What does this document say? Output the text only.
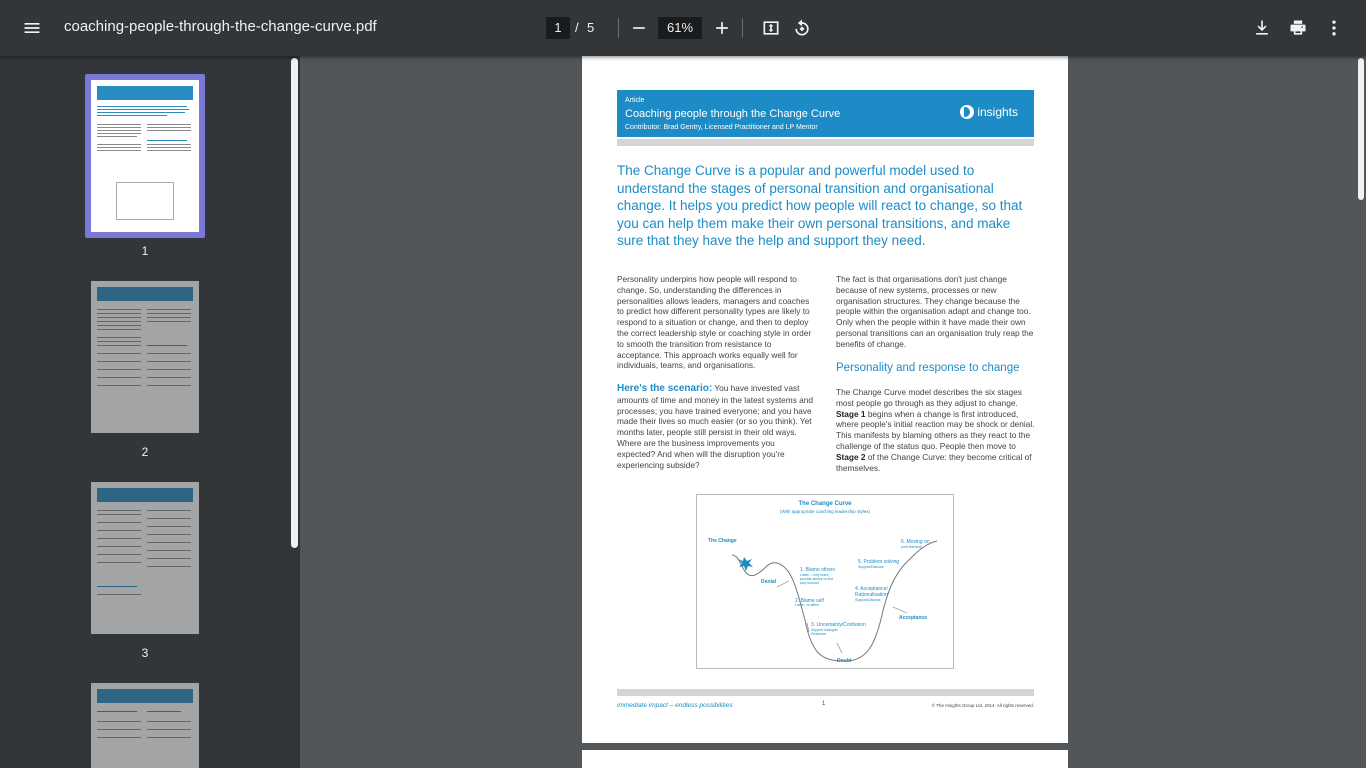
coaching-people-through-the-change-curve.pdf
1	/ 5
61%
1
2
3
Article
Coaching people through the Change Curve
Contributor: Brad Gentry, Licensed Practitioner and LP Mentor
insights
The Change Curve is a popular and powerful model used to understand the stages of personal transition and organisational change. It helps you predict how people will react to change, so that you can help them make their own personal transitions, and make sure that they have the help and support they need.
Personality underpins how people will respond to change. So, understanding the differences in personalities allows leaders, managers and coaches to predict how different personality types are likely to respond to a situation or change, and then to deploy the correct leadership style or coaching style in order to smooth the transition from resistance to acceptance. This approach works equally well for individuals, teams, and organisations.
Here's the scenario: You have invested vast amounts of time and money in the latest systems and processes; you have trained everyone; and you have made their lives so much easier (or so you think). Yet months later, people still persist in their old ways. Where are the business improvements you expected? And when will the disruption you're experiencing subside?
The fact is that organisations don't just change because of new systems, processes or new organisation structures. They change because the people within the organisation adapt and change too. Only when the people within it have made their own personal transitions can an organisation truly reap the benefits of change.
Personality and response to change
The Change Curve model describes the six stages most people go through as they adjust to change. Stage 1 begins when a change is first introduced, where people's initial reaction may be shock or denial. This manifests by blaming others as they react to the challenge of the status quo. People then move to Stage 2 of the Change Curve: they become critical of themselves.
The Change Curve
(With appropriate coaching leadership styles)
The Change
Denial
Doubt
Acceptance
1. Blame others
Listen – why fears; provide advice on the way forward
2. Blame self
Listen, re-affirm
3. Uncertainty/Confusion
Support dialogue; Reassure
4. Acceptance/
Rationalisation
Support/Discuss
5. Problem solving
Support/Discuss
6. Moving on
(self-learning)
immediate impact – endless possibilities	1	© The Insights Group Ltd, 2014. All rights reserved.
